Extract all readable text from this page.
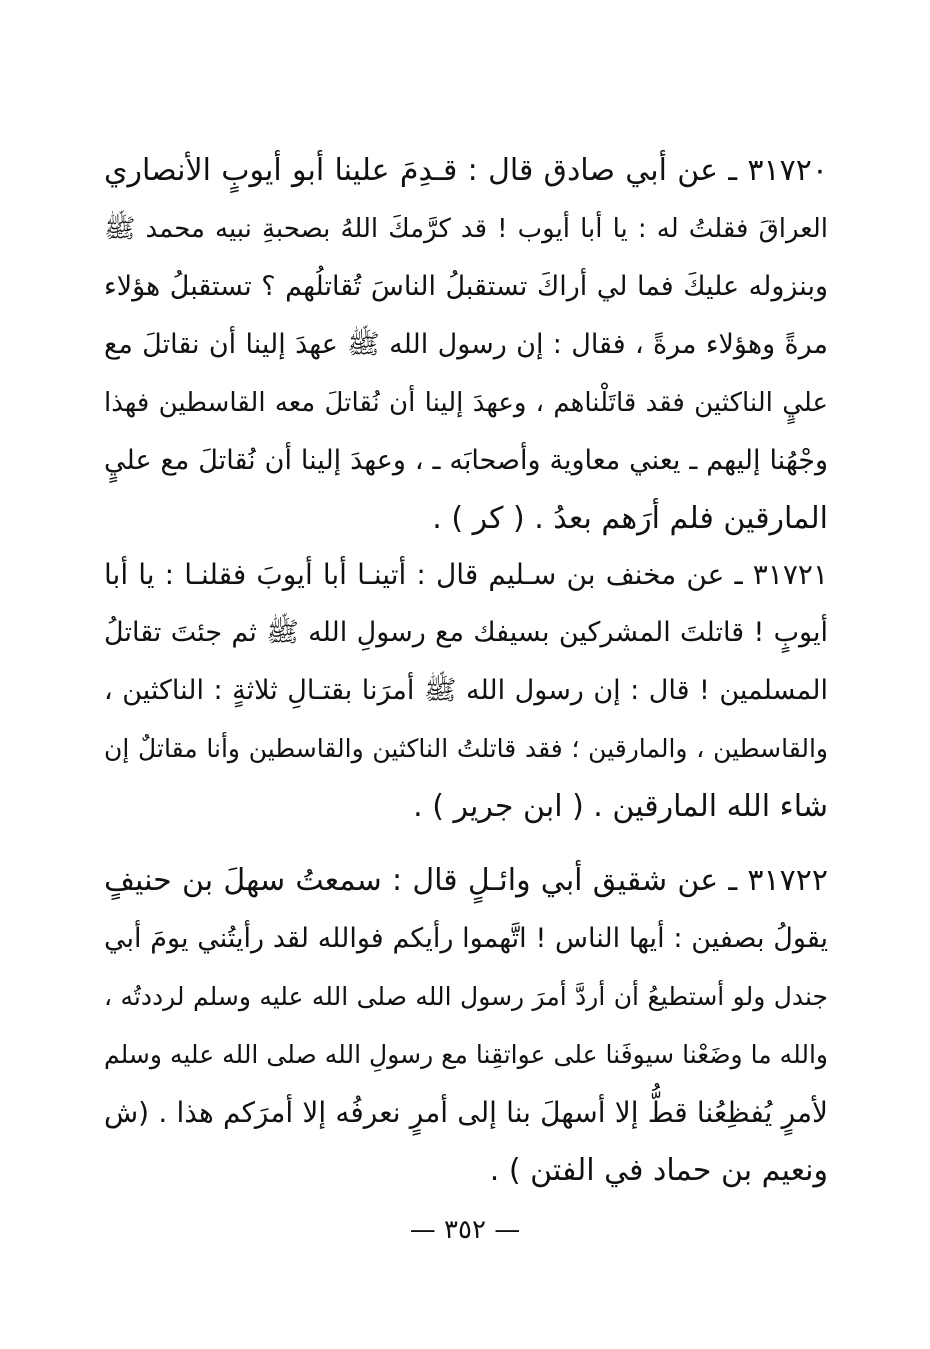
٣١٧٢٠ ـ عن أبي صادق قال : قـدِمَ علينا أبو أيوبٍ الأنصاري
العراقَ فقلتُ له : يا أبا أيوب ! قد كرَّمكَ اللهُ بصحبةِ نبيه محمد ﷺ
وبنزوله عليكَ فما لي أراكَ تستقبلُ الناسَ تُقاتلُهم ؟ تستقبلُ هؤلاء
مرةً وهؤلاء مرةً ، فقال : إن رسول الله ﷺ عهدَ إلينا أن نقاتلَ مع
عليٍ الناكثين فقد قاتَلْناهم ، وعهدَ إلينا أن نُقاتلَ معه القاسطين فهذا
وجْهُنا إليهم ـ يعني معاوية وأصحابَه ـ ، وعهدَ إلينا أن نُقاتلَ مع عليٍ
المارقين فلم أرَهم بعدُ . ( كر ) .
٣١٧٢١ ـ عن مخنف بن سـليم قال : أتينـا أبا أيوبَ فقلنـا : يا أبا
أيوبٍ ! قاتلتَ المشركين بسيفك مع رسولِ الله ﷺ ثم جئتَ تقاتلُ
المسلمين ! قال : إن رسول الله ﷺ أمرَنا بقتـالِ ثلاثةٍ : الناكثين ،
والقاسطين ، والمارقين ؛ فقد قاتلتُ الناكثين والقاسطين وأنا مقاتلٌ إن
شاء الله المارقين . ( ابن جرير ) .
٣١٧٢٢ ـ عن شقيق أبي وائـلٍ قال : سمعتُ سهلَ بن حنيفٍ
يقولُ بصفين : أيها الناس ! اتَّهموا رأيكم فوالله لقد رأيتُني يومَ أبي
جندل ولو أستطيعُ أن أردَّ أمرَ رسول الله صلى الله عليه وسلم لرددتُه ،
والله ما وضَعْنا سيوفَنا على عواتقِنا مع رسولِ الله صلى الله عليه وسلم
لأمرٍ يُفظِعُنا قطُّ إلا أسهلَ بنا إلى أمرٍ نعرفُه إلا أمرَكم هذا . (ش
ونعيم بن حماد في الفتن ) .
— ٣٥٢ —
